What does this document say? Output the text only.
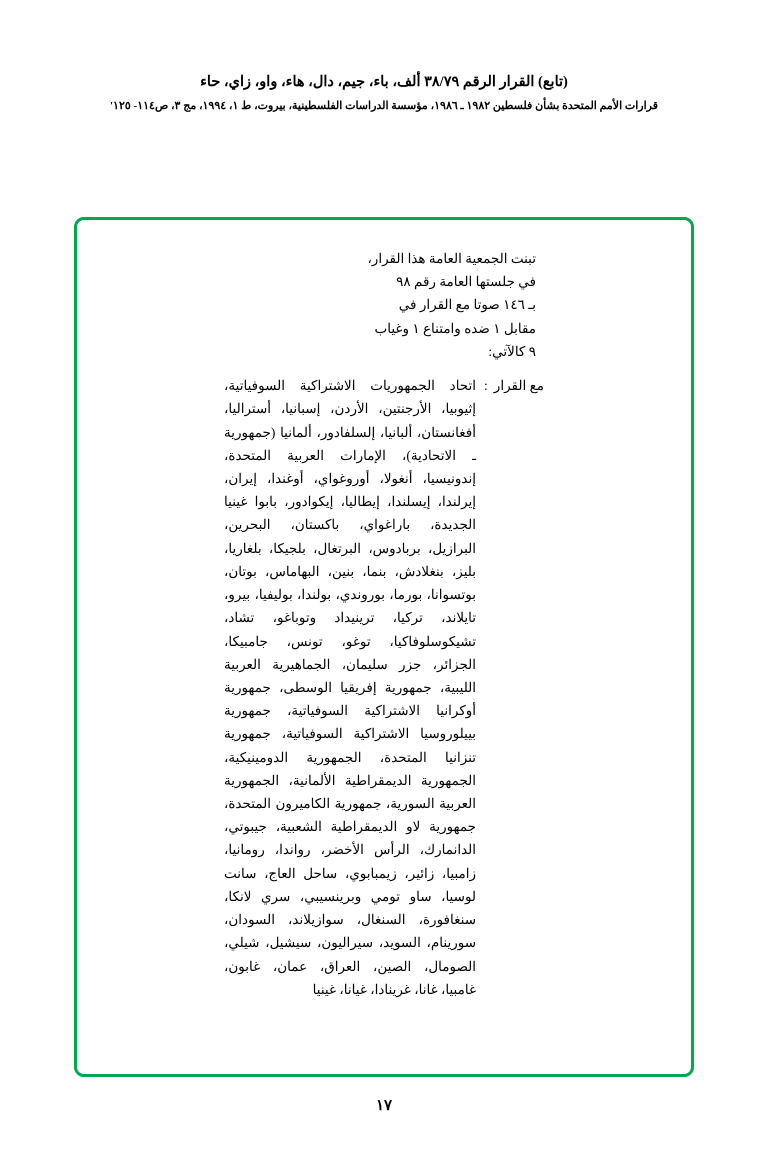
(تابع) القرار الرقم ٣٨/٧٩ ألف، باء، جيم، دال، هاء، واو، زاي، حاء
قرارات الأمم المتحدة بشأن فلسطين ١٩٨٢ ـ ١٩٨٦، مؤسسة الدراسات الفلسطينية، بيروت، ط ١، ١٩٩٤، مج ٣، ص١١٤- ١٢٥'

تبنت الجمعية العامة هذا القرار،

في جلستها العامة رقم ٩٨

بـ ١٤٦ صوتا مع القرار في

مقابل ١ ضده وامتناع ١ وغياب

٩ كالآتي:

مع القرار
:
اتحاد الجمهوريات الاشتراكية السوفياتية، إثيوبيا، الأرجنتين، الأردن، إسبانيا، أستراليا، أفغانستان، ألبانيا، إلسلفادور، ألمانيا (جمهورية ـ الاتحادية)، الإمارات العربية المتحدة، إندونيسيا، أنغولا، أوروغواي، أوغندا، إيران، إيرلندا، إيسلندا، إيطاليا، إيكوادور، بابوا غينيا الجديدة، باراغواي، باكستان، البحرين، البرازيل، بربادوس، البرتغال، بلجيكا، بلغاريا، بليز، بنغلادش، بنما، بنين، البهاماس، بوتان، بوتسوانا، بورما، بوروندي، بولندا، بوليفيا، بيرو، تايلاند، تركيا، ترينيداد وتوباغو، تشاد، تشيكوسلوفاكيا، توغو، تونس، جامبيكا، الجزائر، جزر سليمان، الجماهيرية العربية الليبية، جمهورية إفريقيا الوسطى، جمهورية أوكرانيا الاشتراكية السوفياتية، جمهورية بييلوروسيا الاشتراكية السوفياتية، جمهورية تنزانيا المتحدة، الجمهورية الدومينيكية، الجمهورية الديمقراطية الألمانية، الجمهورية العربية السورية، جمهورية الكاميرون المتحدة، جمهورية لاو الديمقراطية الشعبية، جيبوتي، الدانمارك، الرأس الأخضر، رواندا، رومانيا، زامبيا، زائير، زيمبابوي، ساحل العاج، سانت لوسيا، ساو تومي وبرينسيبي، سري لانكا، سنغافورة، السنغال، سوازيلاند، السودان، سورينام، السويد، سيراليون، سيشيل، شيلي، الصومال، الصين، العراق، عمان، غابون، غامبيا، غانا، غرينادا، غيانا، غينيا
١٧
